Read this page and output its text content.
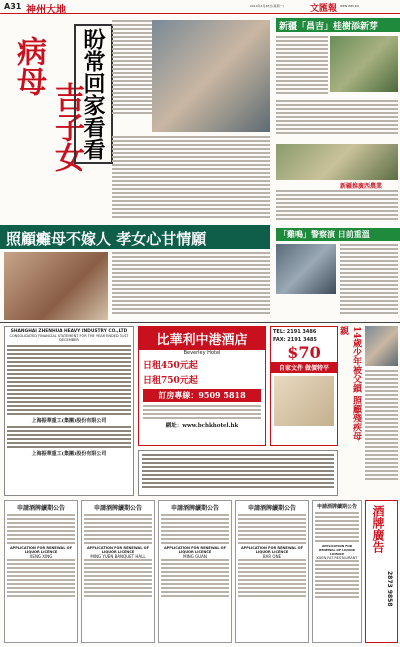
A31 神州大地	2014年4月28日(星期一)	文匯報 WEN WEI PO
病母
吉子女
盼常回家看看
照顧癱母不嫁人 孝女心甘情願
新疆「昌吉」桂樹添新芽
新疆推廣西農業
「雞鳴」警察演 日前重溫
SHANGHAI ZHENHUA HEAVY INDUSTRY CO.,LTD
CONSOLIDATED FINANCIAL STATEMENT FOR THE YEAR ENDED 31ST DECEMBER
上海振華重工(集團)股份有限公司
上海振華重工(集團)股份有限公司
比華利中港酒店
Beverley Hotel
日租450元起
日租750元起
訂房專線：9509 5818
網址：www.bchkhotel.hk
TEL: 2191 3486
FAX: 2191 3485
$70
自家文件 做價特平	14歲少年被父鎖 照顧殘疾母親
申請酒牌續期公告
APPLICATION FOR RENEWAL OF LIQUOR LICENCE
XENG XING
申請酒牌續期公告
APPLICATION FOR RENEWAL OF LIQUOR LICENCE
MING YUEN BANQUET HALL
申請酒牌續期公告
APPLICATION FOR RENEWAL OF LIQUOR LICENCE
MING GUAN
申請酒牌續期公告
APPLICATION FOR RENEWAL OF LIQUOR LICENCE
BAR ONE
申請酒牌續期公告
APPLICATION FOR RENEWAL OF LIQUOR LICENCE
KUEN FAT RESTAURANT
酒牌廣告
2873 9858
